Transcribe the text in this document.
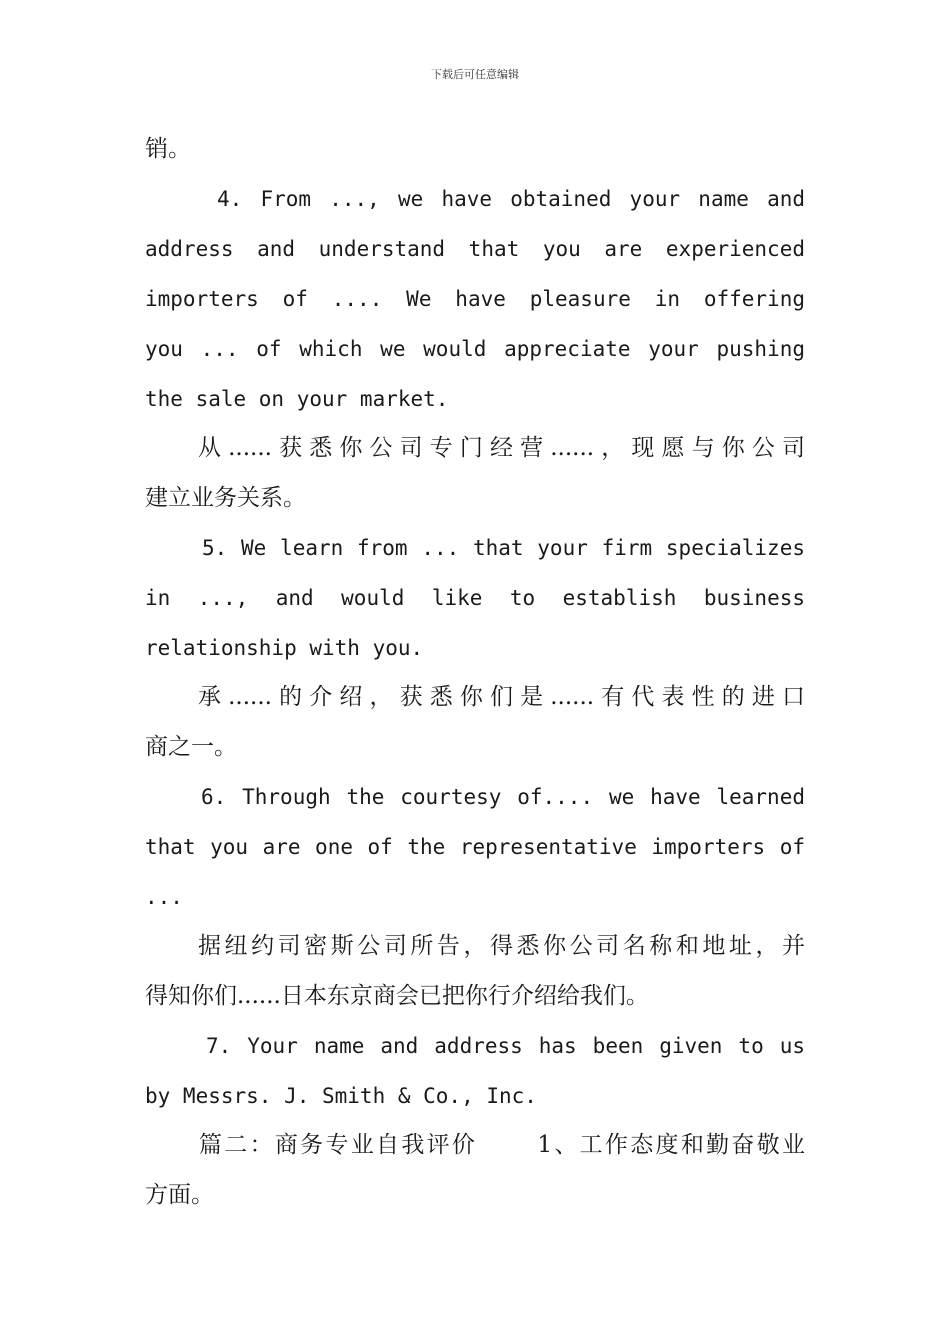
下载后可任意编辑
销。
4. From ..., we have obtained your name and
address and understand that you are experienced
importers of .... We have pleasure in offering
you ... of which we would appreciate your pushing
the sale on your market.
从......获悉你公司专门经营......，现愿与你公司
建立业务关系。
5. We learn from ... that your firm specializes
in ..., and would like to establish business
relationship with you.
承......的介绍，获悉你们是......有代表性的进口
商之一。
6. Through the courtesy of.... we have learned
that you are one of the representative importers of
...
据纽约司密斯公司所告，得悉你公司名称和地址，并
得知你们......日本东京商会已把你行介绍给我们。
7. Your name and address has been given to us
by Messrs. J. Smith & Co., Inc.
篇二：商务专业自我评价　　 1、工作态度和勤奋敬业
方面。
